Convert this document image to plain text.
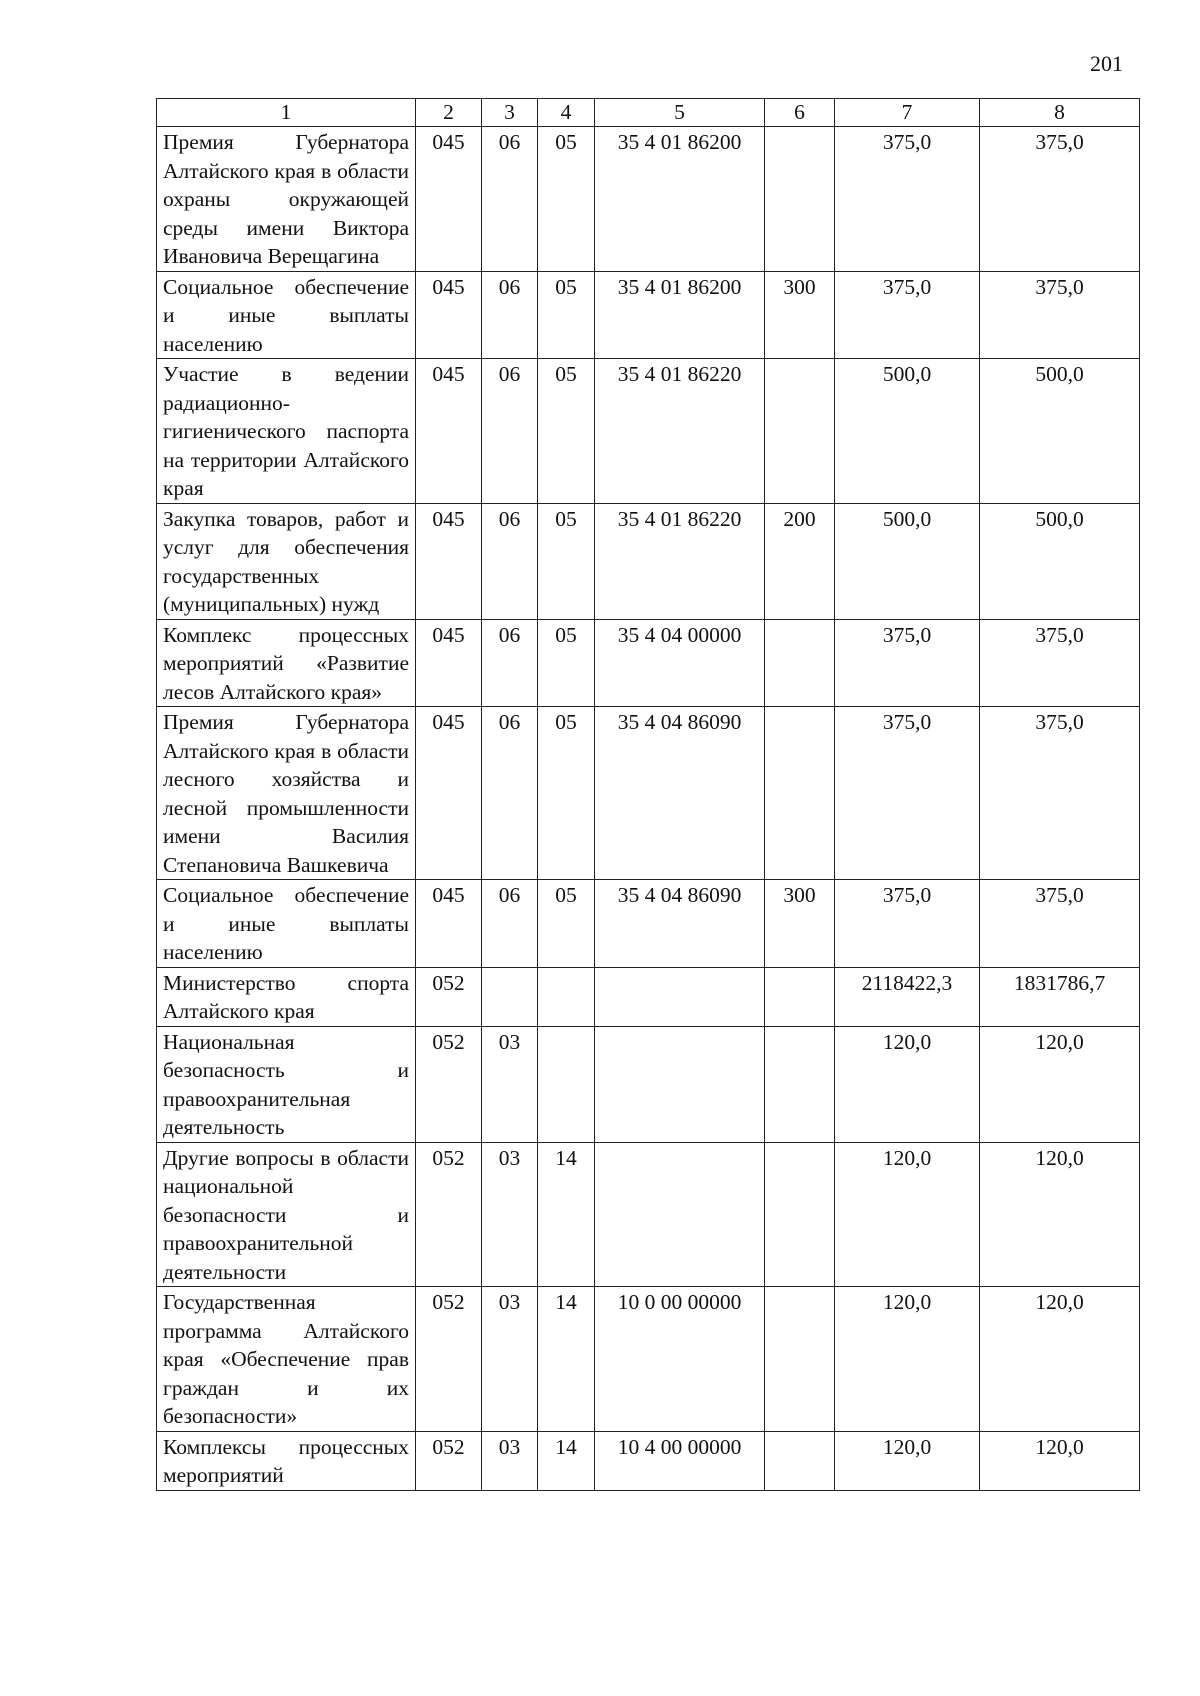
201
1	2	3	4	5	6	7	8
Премия Губернатора Алтайского края в области охраны окружающей среды имени Виктора Ивановича Верещагина	045	06	05	35 4 01 86200		375,0	375,0
Социальное обеспечение и иные выплаты населению	045	06	05	35 4 01 86200	300	375,0	375,0
Участие в ведении радиационно-гигиенического паспорта на территории Алтайского края	045	06	05	35 4 01 86220		500,0	500,0
Закупка товаров, работ и услуг для обеспечения государственных (муниципальных) нужд	045	06	05	35 4 01 86220	200	500,0	500,0
Комплекс процессных мероприятий «Развитие лесов Алтайского края»	045	06	05	35 4 04 00000		375,0	375,0
Премия Губернатора Алтайского края в области лесного хозяйства и лесной промышленности имени Василия Степановича Вашкевича	045	06	05	35 4 04 86090		375,0	375,0
Социальное обеспечение и иные выплаты населению	045	06	05	35 4 04 86090	300	375,0	375,0
Министерство спорта Алтайского края	052					2118422,3	1831786,7
Национальная безопасность и правоохранительная деятельность	052	03				120,0	120,0
Другие вопросы в области национальной безопасности и правоохранительной деятельности	052	03	14			120,0	120,0
Государственная программа Алтайского края «Обеспечение прав граждан и их безопасности»	052	03	14	10 0 00 00000		120,0	120,0
Комплексы процессных мероприятий	052	03	14	10 4 00 00000		120,0	120,0
